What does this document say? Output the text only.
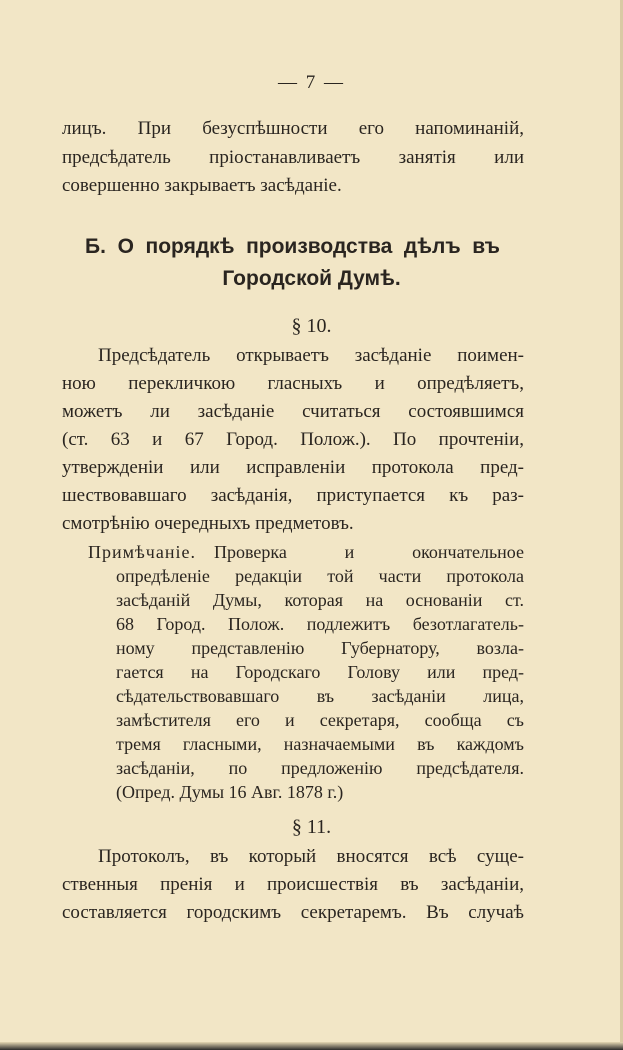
— 7 —
лицъ. При безуспѣшности его напоминаній,
предсѣдатель пріостанавливаетъ занятія или
совершенно закрываетъ засѣданіе.
Б. О порядкѣ производства дѣлъ въ
Городской Думѣ.
§ 10.
Предсѣдатель открываетъ засѣданіе поимен-
ною перекличкою гласныхъ и опредѣляетъ,
можетъ ли засѣданіе считаться состоявшимся
(ст. 63 и 67 Город. Полож.). По прочтеніи,
утвержденіи или исправленіи протокола пред-
шествовавшаго засѣданія, приступается къ раз-
смотрѣнію очередныхъ предметовъ.
Примѣчаніе. Проверка и окончательное
опредѣленіе редакціи той части протокола
засѣданій Думы, которая на основаніи ст.
68 Город. Полож. подлежитъ безотлагатель-
ному представленію Губернатору, возла-
гается на Городскаго Голову или пред-
сѣдательствовавшаго въ засѣданіи лица,
замѣстителя его и секретаря, сообща съ
тремя гласными, назначаемыми въ каждомъ
засѣданіи, по предложенію предсѣдателя.
(Опред. Думы 16 Авг. 1878 г.)
§ 11.
Протоколъ, въ который вносятся всѣ суще-
ственныя пренія и происшествія въ засѣданіи,
составляется городскимъ секретаремъ. Въ случаѣ
